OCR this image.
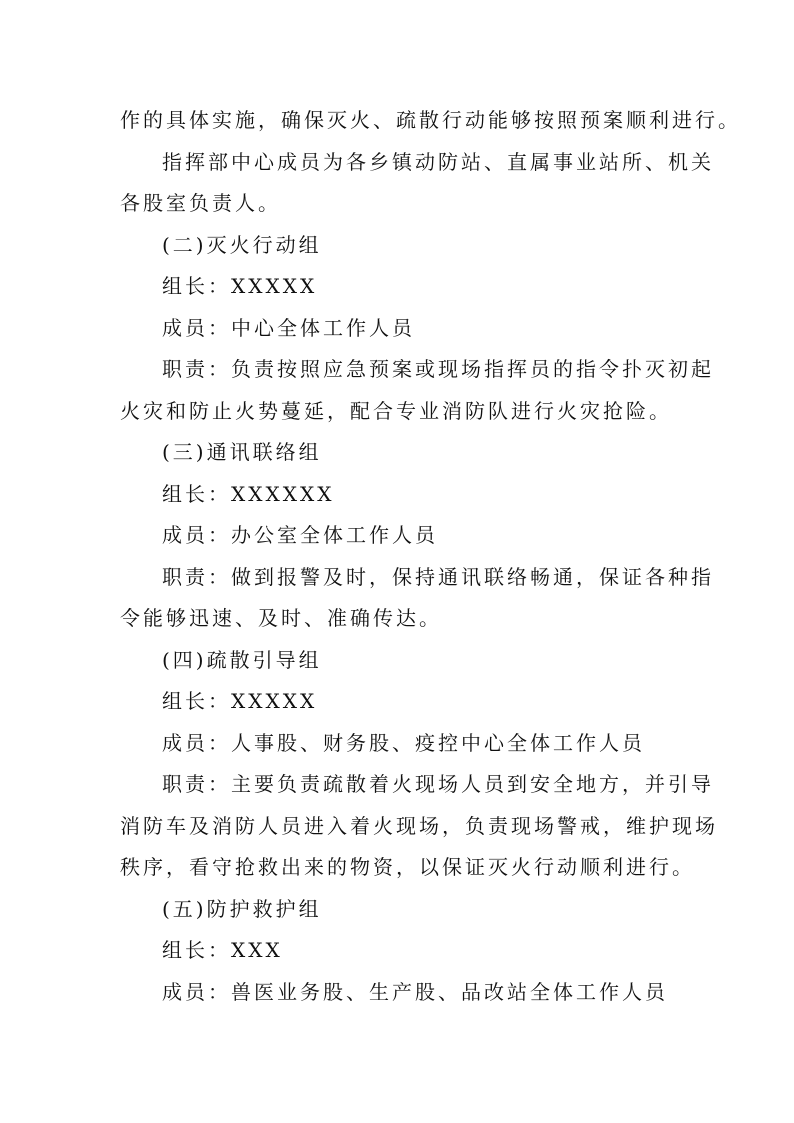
作的具体实施，确保灭火、疏散行动能够按照预案顺利进行。
指挥部中心成员为各乡镇动防站、直属事业站所、机关
各股室负责人。
(二)灭火行动组
组长：XXXXX
成员：中心全体工作人员
职责：负责按照应急预案或现场指挥员的指令扑灭初起
火灾和防止火势蔓延，配合专业消防队进行火灾抢险。
(三)通讯联络组
组长：XXXXXX
成员：办公室全体工作人员
职责：做到报警及时，保持通讯联络畅通，保证各种指
令能够迅速、及时、准确传达。
(四)疏散引导组
组长：XXXXX
成员：人事股、财务股、疫控中心全体工作人员
职责：主要负责疏散着火现场人员到安全地方，并引导
消防车及消防人员进入着火现场，负责现场警戒，维护现场
秩序，看守抢救出来的物资，以保证灭火行动顺利进行。
(五)防护救护组
组长：XXX
成员：兽医业务股、生产股、品改站全体工作人员
